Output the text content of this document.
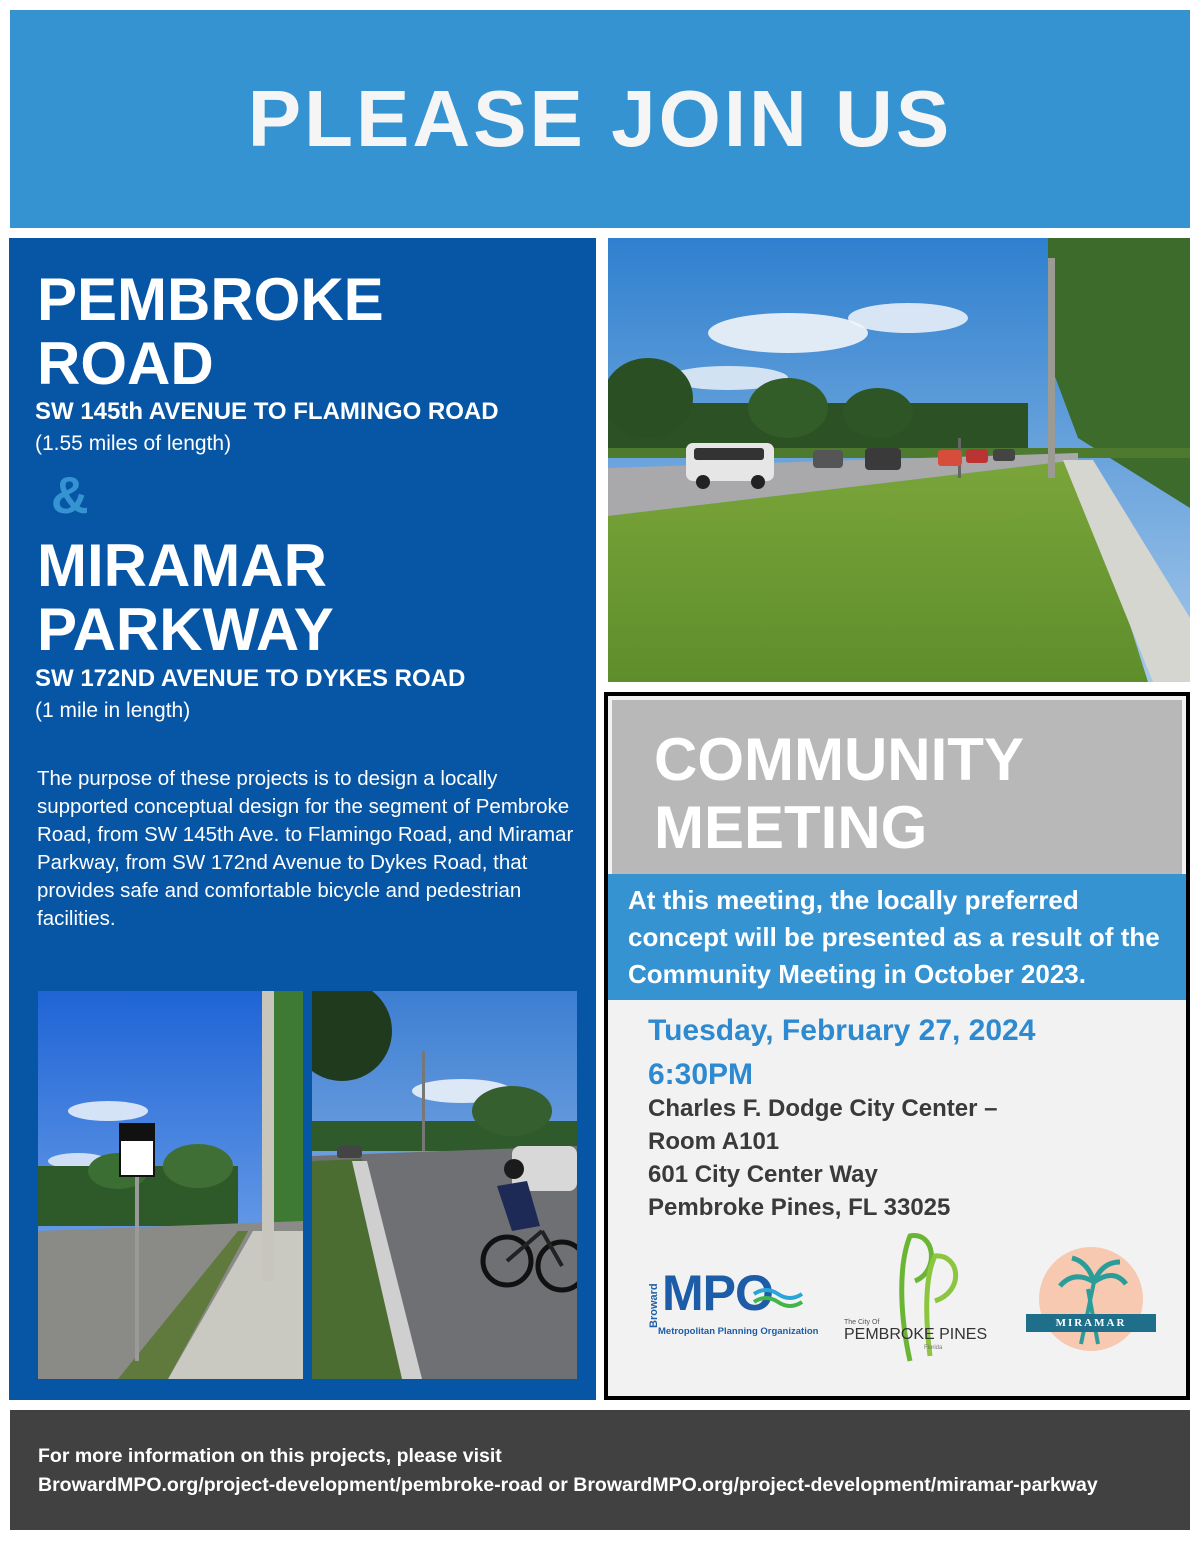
PLEASE JOIN US
PEMBROKE
ROAD
SW 145th AVENUE TO FLAMINGO ROAD
(1.55 miles of length)
&
MIRAMAR
PARKWAY
SW 172ND AVENUE TO DYKES ROAD
(1 mile in length)

The purpose of these projects is to design a locally supported conceptual design for the segment of Pembroke Road, from SW 145th Ave. to Flamingo Road, and Miramar Parkway, from SW 172nd Avenue to Dykes Road, that provides safe and comfortable bicycle and pedestrian facilities.

COMMUNITY
MEETING
At this meeting, the locally preferred concept will be presented as a result of the Community Meeting in October 2023.
Tuesday, February 27, 2024
6:30PM
Charles F. Dodge City Center –
Room A101
601 City Center Way
Pembroke Pines, FL 33025
Broward MPO
Metropolitan Planning Organization
The City Of
PEMBROKE PINES
Florida
MIRAMAR
For more information on this projects, please visit
BrowardMPO.org/project-development/pembroke-road or BrowardMPO.org/project-development/miramar-parkway
